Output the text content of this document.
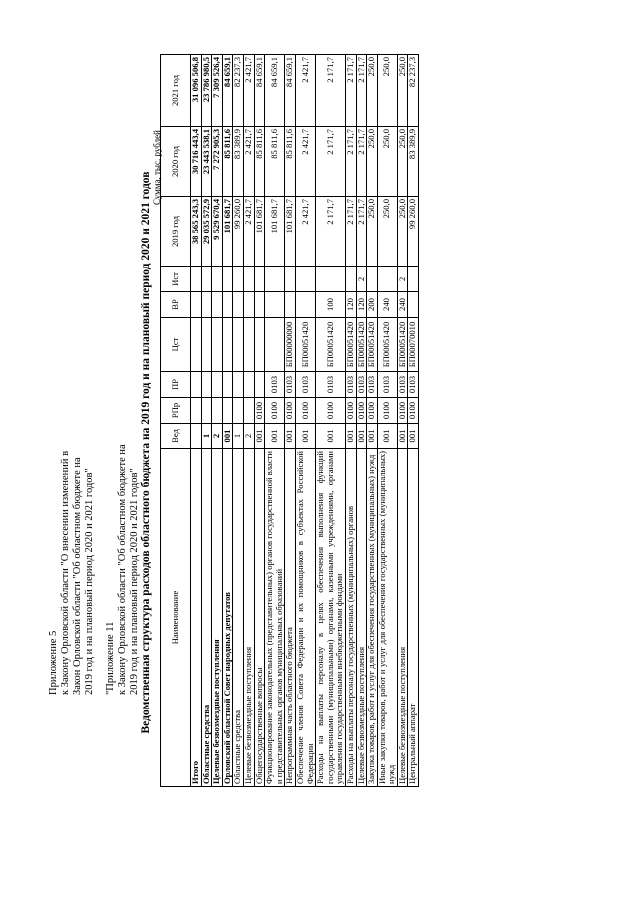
Приложение 5 к Закону Орловской области "О внесении изменений в Закон Орловской области "Об областном бюджете на 2019 год и на плановый период 2020 и 2021 годов" "Приложение 11 к Закону Орловской области "Об областном бюджете на 2019 год и на плановый период 2020 и 2021 годов" Ведомственная структура расходов областного бюджета на 2019 год и на плановый период 2020 и 2021 годов
Сумма, тыс. рублей
Наименование	Вед	РПр	ПР	Цст	ВР	Ист	2019 год	2020 год	2021 год
Итого							38 565 243,3	30 716 443,4	31 096 506,8
Областные средства	1						29 035 572,9	23 443 538,1	23 786 980,5
Целевые безвозмездные поступления	2						9 529 670,4	7 272 905,3	7 309 526,4
Орловский областной Совет народных депутатов	001						101 681,7	85 811,6	84 659,1
Областные средства	1						99 260,0	83 389,9	82 237,3
Целевые безвозмездные поступления	2						2 421,7	2 421,7	2 421,7
Общегосударственные вопросы	001	0100					101 681,7	85 811,6	84 659,1
Функционирование законодательных (представительных) органов государственной власти и представительных органов муниципальных образований	001	0100	0103				101 681,7	85 811,6	84 659,1
Непрограммная часть областного бюджета	001	0100	0103	БП00000000			101 681,7	85 811,6	84 659,1
Обеспечение членов Совета Федерации и их помощников в субъектах Российской Федерации	001	0100	0103	БП00051420			2 421,7	2 421,7	2 421,7
Расходы на выплаты персоналу в целях обеспечения выполнения функций государственными (муниципальными) органами, казенными учреждениями, органами управления государственными внебюджетными фондами	001	0100	0103	БП00051420	100		2 171,7	2 171,7	2 171,7
Расходы на выплаты персоналу государственных (муниципальных) органов	001	0100	0103	БП00051420	120		2 171,7	2 171,7	2 171,7
Целевые безвозмездные поступления	001	0100	0103	БП00051420	120	2	2 171,7	2 171,7	2 171,7
Закупка товаров, работ и услуг для обеспечения государственных (муниципальных) нужд	001	0100	0103	БП00051420	200		250,0	250,0	250,0
Иные закупки товаров, работ и услуг для обеспечения государственных (муниципальных) нужд	001	0100	0103	БП00051420	240		250,0	250,0	250,0
Целевые безвозмездные поступления	001	0100	0103	БП00051420	240	2	250,0	250,0	250,0
Центральный аппарат	001	0100	0103	БП00070010			99 260,0	83 389,9	82 237,3
